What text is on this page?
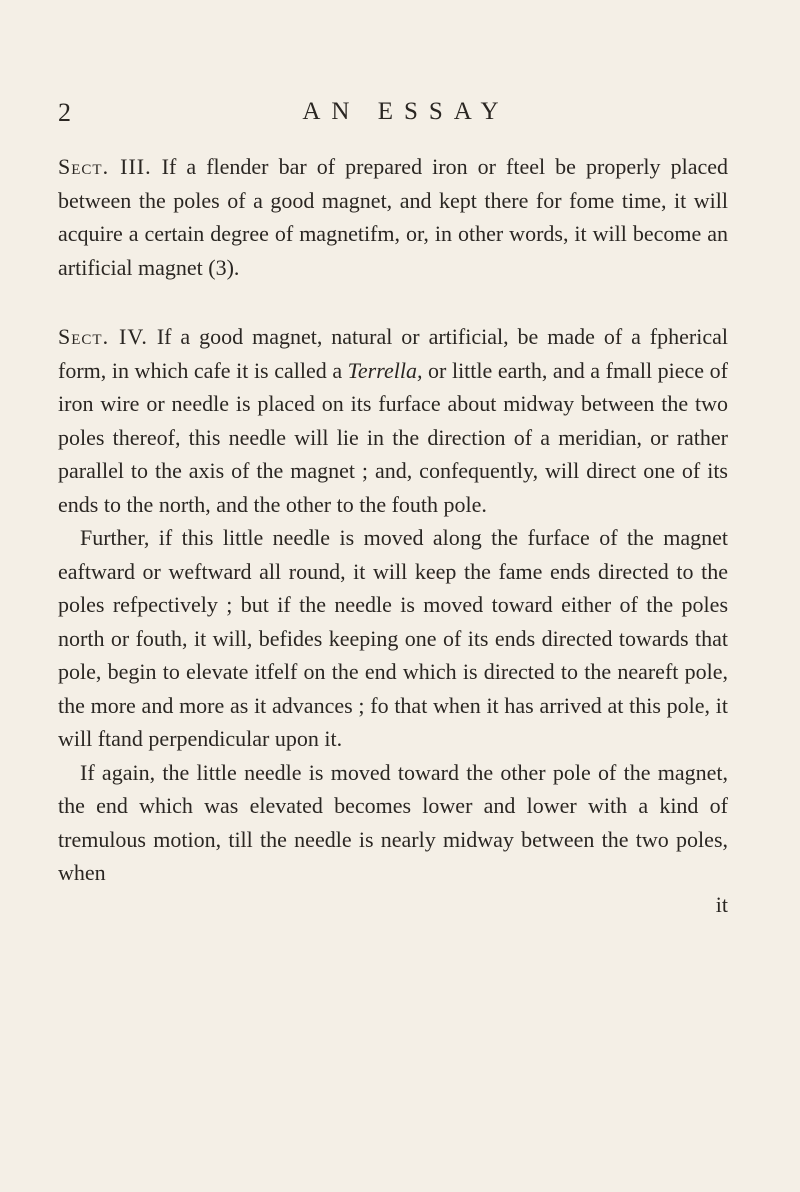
2	AN ESSAY

Sect. III. If a flender bar of prepared iron or fteel be properly placed between the poles of a good magnet, and kept there for fome time, it will acquire a certain degree of magnetifm, or, in other words, it will become an artificial magnet (3).

Sect. IV. If a good magnet, natural or artificial, be made of a fpherical form, in which cafe it is called a Terrella, or little earth, and a fmall piece of iron wire or needle is placed on its furface about midway between the two poles thereof, this needle will lie in the direction of a meridian, or rather parallel to the axis of the magnet ; and, confequently, will direct one of its ends to the north, and the other to the fouth pole.

Further, if this little needle is moved along the furface of the magnet eaftward or weftward all round, it will keep the fame ends directed to the poles refpectively ; but if the needle is moved toward either of the poles north or fouth, it will, befides keeping one of its ends directed towards that pole, begin to elevate itfelf on the end which is directed to the neareft pole, the more and more as it advances ; fo that when it has arrived at this pole, it will ftand perpendicular upon it.

If again, the little needle is moved toward the other pole of the magnet, the end which was elevated becomes lower and lower with a kind of tremulous motion, till the needle is nearly midway between the two poles, when

it
